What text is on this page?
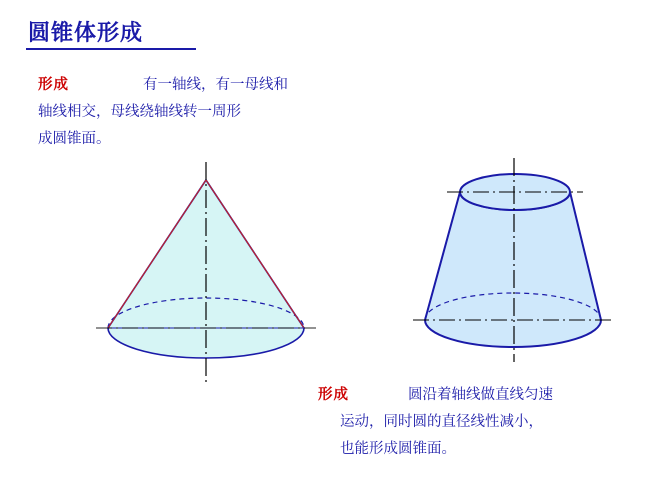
圆锥体形成
形成	有一轴线，有一母线和
轴线相交，母线绕轴线转一周形
成圆锥面。
形成	圆沿着轴线做直线匀速
运动，同时圆的直径线性减小，
也能形成圆锥面。
